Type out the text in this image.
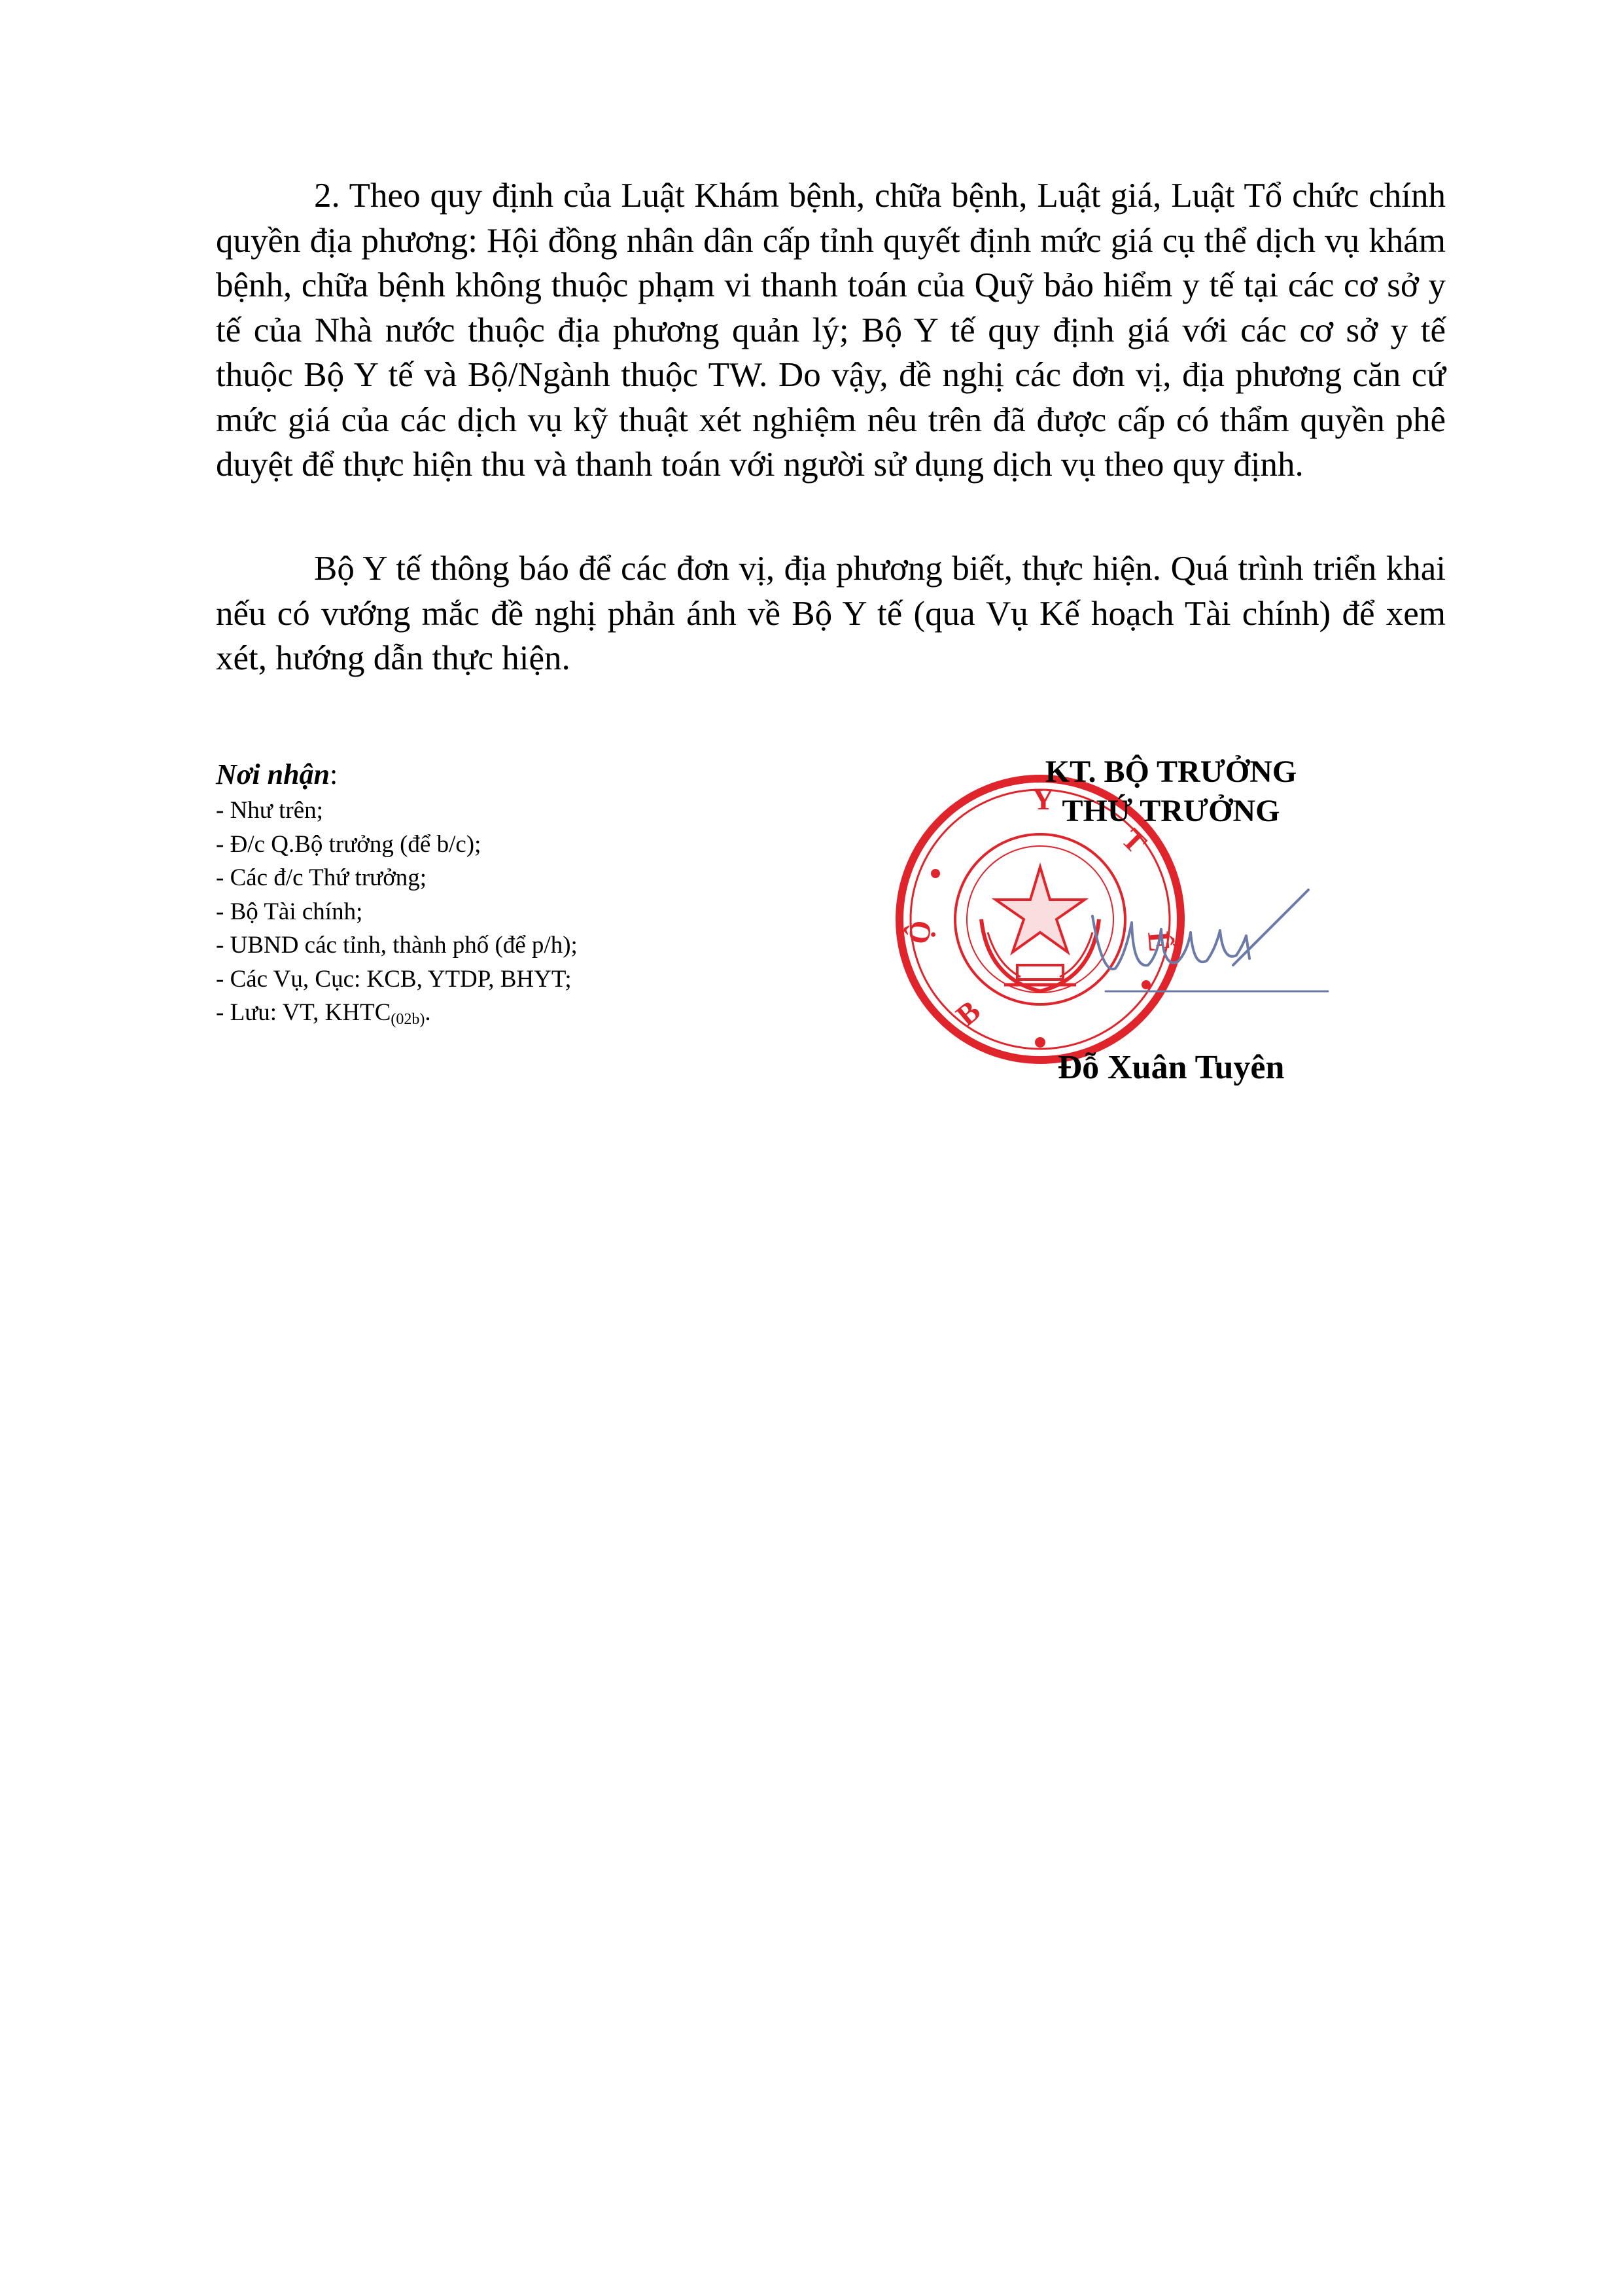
2. Theo quy định của Luật Khám bệnh, chữa bệnh, Luật giá, Luật Tổ chức chính quyền địa phương: Hội đồng nhân dân cấp tỉnh quyết định mức giá cụ thể dịch vụ khám bệnh, chữa bệnh không thuộc phạm vi thanh toán của Quỹ bảo hiểm y tế tại các cơ sở y tế của Nhà nước thuộc địa phương quản lý; Bộ Y tế quy định giá với các cơ sở y tế thuộc Bộ Y tế và Bộ/Ngành thuộc TW. Do vậy, đề nghị các đơn vị, địa phương căn cứ mức giá của các dịch vụ kỹ thuật xét nghiệm nêu trên đã được cấp có thẩm quyền phê duyệt để thực hiện thu và thanh toán với người sử dụng dịch vụ theo quy định.

Bộ Y tế thông báo để các đơn vị, địa phương biết, thực hiện. Quá trình triển khai nếu có vướng mắc đề nghị phản ánh về Bộ Y tế (qua Vụ Kế hoạch Tài chính) để xem xét, hướng dẫn thực hiện.

Nơi nhận:
- Như trên;
- Đ/c Q.Bộ trưởng (để b/c);
- Các đ/c Thứ trưởng;
- Bộ Tài chính;
- UBND các tỉnh, thành phố (để p/h);
- Các Vụ, Cục: KCB, YTDP, BHYT;
- Lưu: VT, $KHTC_{(02b)}$.	B
Ộ
Y
T
Ế
KT. BỘ TRƯỞNG
THỨ TRƯỞNG
Đỗ Xuân Tuyên
